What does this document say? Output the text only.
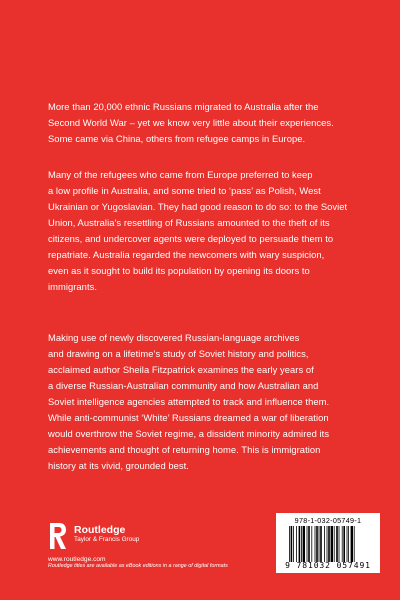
More than 20,000 ethnic Russians migrated to Australia after the
Second World War – yet we know very little about their experiences.
Some came via China, others from refugee camps in Europe.
Many of the refugees who came from Europe preferred to keep
a low profile in Australia, and some tried to ‘pass’ as Polish, West
Ukrainian or Yugoslavian. They had good reason to do so: to the Soviet
Union, Australia’s resettling of Russians amounted to the theft of its
citizens, and undercover agents were deployed to persuade them to
repatriate. Australia regarded the newcomers with wary suspicion,
even as it sought to build its population by opening its doors to
immigrants.
Making use of newly discovered Russian-language archives
and drawing on a lifetime’s study of Soviet history and politics,
acclaimed author Sheila Fitzpatrick examines the early years of
a diverse Russian-Australian community and how Australian and
Soviet intelligence agencies attempted to track and influence them.
While anti-communist ‘White’ Russians dreamed a war of liberation
would overthrow the Soviet regime, a dissident minority admired its
achievements and thought of returning home. This is immigration
history at its vivid, grounded best.
Routledge
Taylor & Francis Group
www.routledge.com
Routledge titles are available as eBook editions in a range of digital formats
978-1-032-05749-1
9 781032 057491
